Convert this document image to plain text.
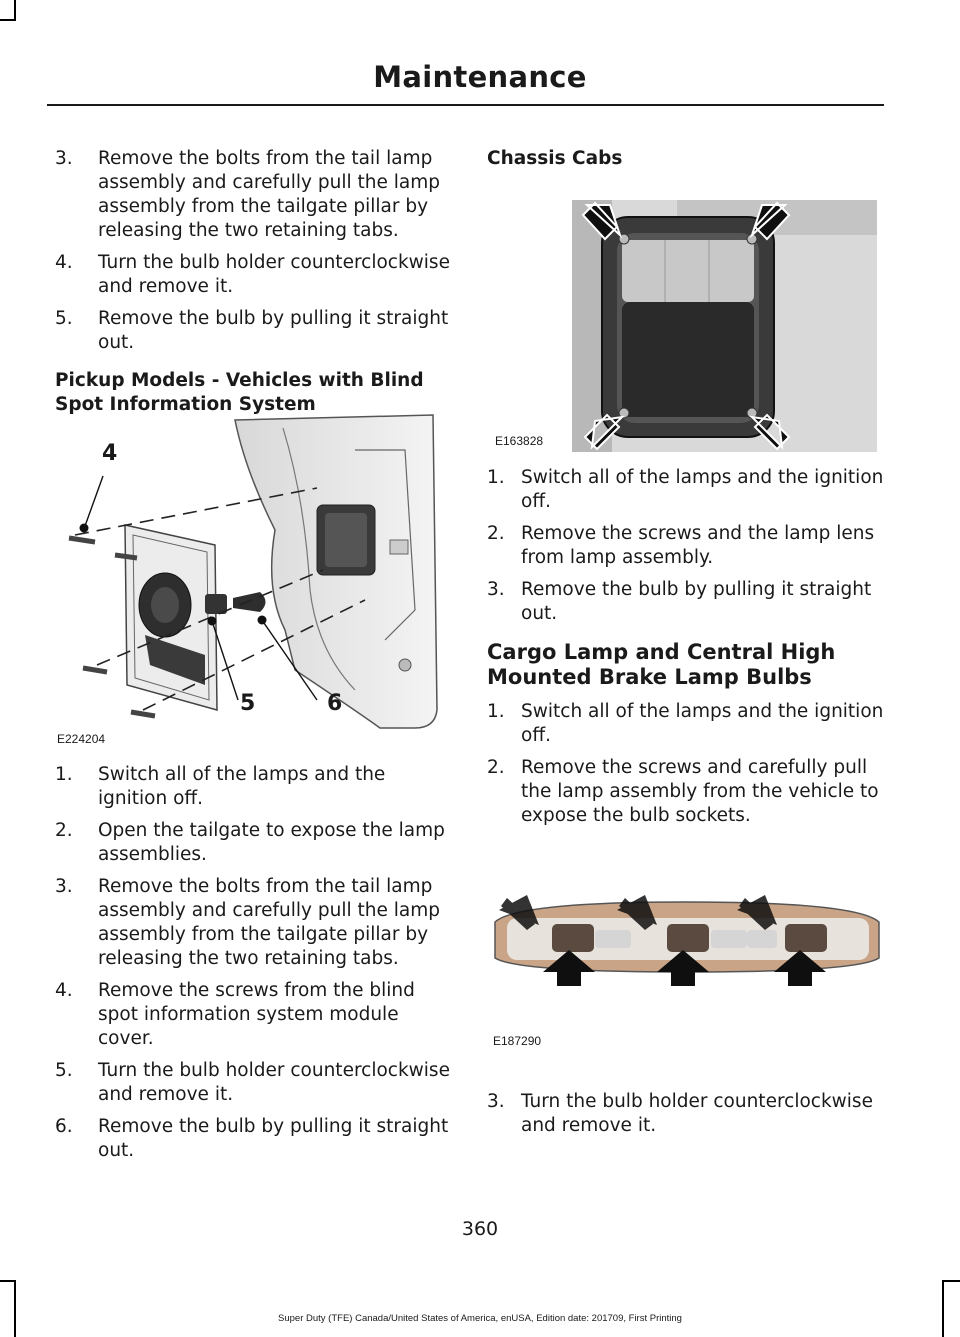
Maintenance
3. Remove the bolts from the tail lamp assembly and carefully pull the lamp assembly from the tailgate pillar by releasing the two retaining tabs.
4. Turn the bulb holder counterclockwise and remove it.
5. Remove the bulb by pulling it straight out.
Pickup Models - Vehicles with Blind Spot Information System
4
5	6
E224204
1. Switch all of the lamps and the ignition off.
2. Open the tailgate to expose the lamp assemblies.
3. Remove the bolts from the tail lamp assembly and carefully pull the lamp assembly from the tailgate pillar by releasing the two retaining tabs.
4. Remove the screws from the blind spot information system module cover.
5. Turn the bulb holder counterclockwise and remove it.
6. Remove the bulb by pulling it straight out.
Chassis Cabs
E163828
1. Switch all of the lamps and the ignition off.
2. Remove the screws and the lamp lens from lamp assembly.
3. Remove the bulb by pulling it straight out.
Cargo Lamp and Central High Mounted Brake Lamp Bulbs
1. Switch all of the lamps and the ignition off.
2. Remove the screws and carefully pull the lamp assembly from the vehicle to expose the bulb sockets.
E187290
3. Turn the bulb holder counterclockwise and remove it.
360
Super Duty (TFE) Canada/United States of America, enUSA, Edition date: 201709, First Printing
